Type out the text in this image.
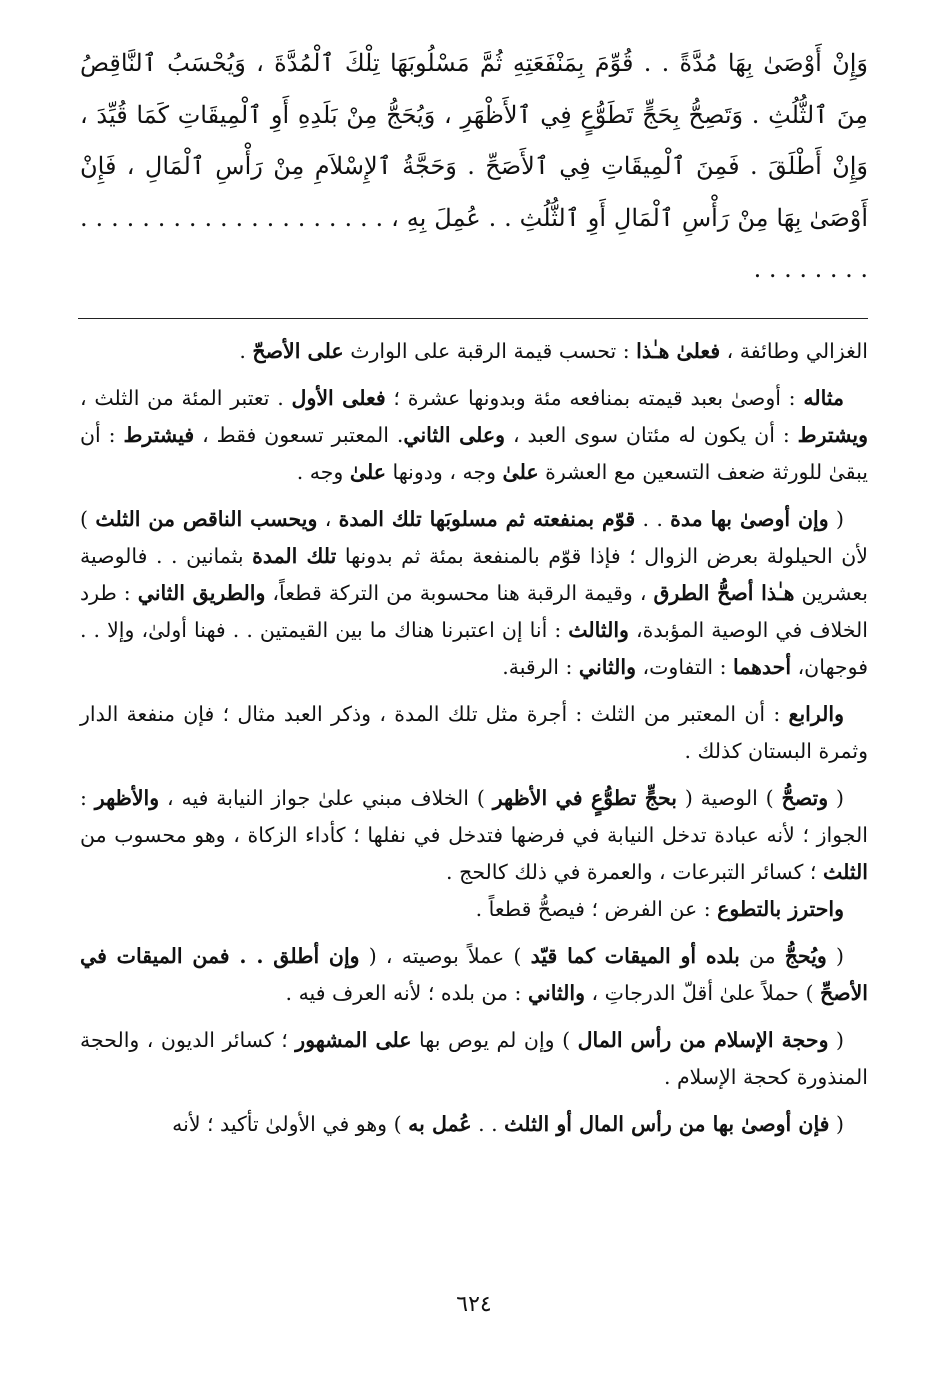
وَإِنْ أَوْصَىٰ بِهَا مُدَّةً . . قُوِّمَ بِمَنْفَعَتِهِ ثُمَّ مَسْلُوبَهَا تِلْكَ ٱلْمُدَّةَ ، وَيُحْسَبُ ٱلنَّاقِصُ مِنَ ٱلثُّلُثِ . وَتَصِحُّ بِحَجٍّ تَطَوُّعٍ فِي ٱلأَظْهَرِ ، وَيُحَجُّ مِنْ بَلَدِهِ أَوِ ٱلْمِيقَاتِ كَمَا قُيِّدَ ، وَإِنْ أَطْلَقَ . فَمِنَ ٱلْمِيقَاتِ فِي ٱلأَصَحِّ . وَحَجَّةُ ٱلإِسْلاَمِ مِنْ رَأْسِ ٱلْمَالِ ، فَإِنْ أَوْصَىٰ بِهَا مِنْ رَأْسِ ٱلْمَالِ أَوِ ٱلثُّلُثِ . . عُمِلَ بِهِ ، . . . . . . . . . . . . . . . . . . . . . . . . . . . .

الغزالي وطائفة ، فعلىٰ هـٰذا : تحسب قيمة الرقبة على الوارث على الأصحّ .

مثاله : أوصىٰ بعبد قيمته بمنافعه مئة وبدونها عشرة ؛ فعلى الأول . تعتبر المئة من الثلث ، ويشترط : أن يكون له مئتان سوى العبد ، وعلى الثاني. المعتبر تسعون فقط ، فيشترط : أن يبقىٰ للورثة ضعف التسعين مع العشرة علىٰ وجه ، ودونها علىٰ وجه .

( وإن أوصىٰ بها مدة . . قوّم بمنفعته ثم مسلوبَها تلك المدة ، ويحسب الناقص من الثلث ) لأن الحيلولة بعرض الزوال ؛ فإذا قوّم بالمنفعة بمئة ثم بدونها تلك المدة بثمانين . . فالوصية بعشرين هـٰذا أصحُّ الطرق ، وقيمة الرقبة هنا محسوبة من التركة قطعاً، والطريق الثاني : طرد الخلاف في الوصية المؤبدة، والثالث : أنا إن اعتبرنا هناك ما بين القيمتين . . فهنا أولىٰ، وإلا . . فوجهان، أحدهما : التفاوت، والثاني : الرقبة.

والرابع : أن المعتبر من الثلث : أجرة مثل تلك المدة ، وذكر العبد مثال ؛ فإن منفعة الدار وثمرة البستان كذلك .

( وتصحُّ ) الوصية ( بحجٍّ تطوُّعٍ في الأظهر ) الخلاف مبني علىٰ جواز النيابة فيه ، والأظهر : الجواز ؛ لأنه عبادة تدخل النيابة في فرضها فتدخل في نفلها ؛ كأداء الزكاة ، وهو محسوب من الثلث ؛ كسائر التبرعات ، والعمرة في ذلك كالحج .

واحترز بالتطوع : عن الفرض ؛ فيصحُّ قطعاً .

( ويُحجُّ من بلده أو الميقات كما قيّد ) عملاً بوصيته ، ( وإن أطلق . . فمن الميقات في الأصحِّ ) حملاً علىٰ أقلّ الدرجاتِ ، والثاني : من بلده ؛ لأنه العرف فيه .

( وحجة الإسلام من رأس المال ) وإن لم يوص بها على المشهور ؛ كسائر الديون ، والحجة المنذورة كحجة الإسلام .

( فإن أوصىٰ بها من رأس المال أو الثلث . . عُمل به ) وهو في الأولىٰ تأكيد ؛ لأنه

٦٢٤
